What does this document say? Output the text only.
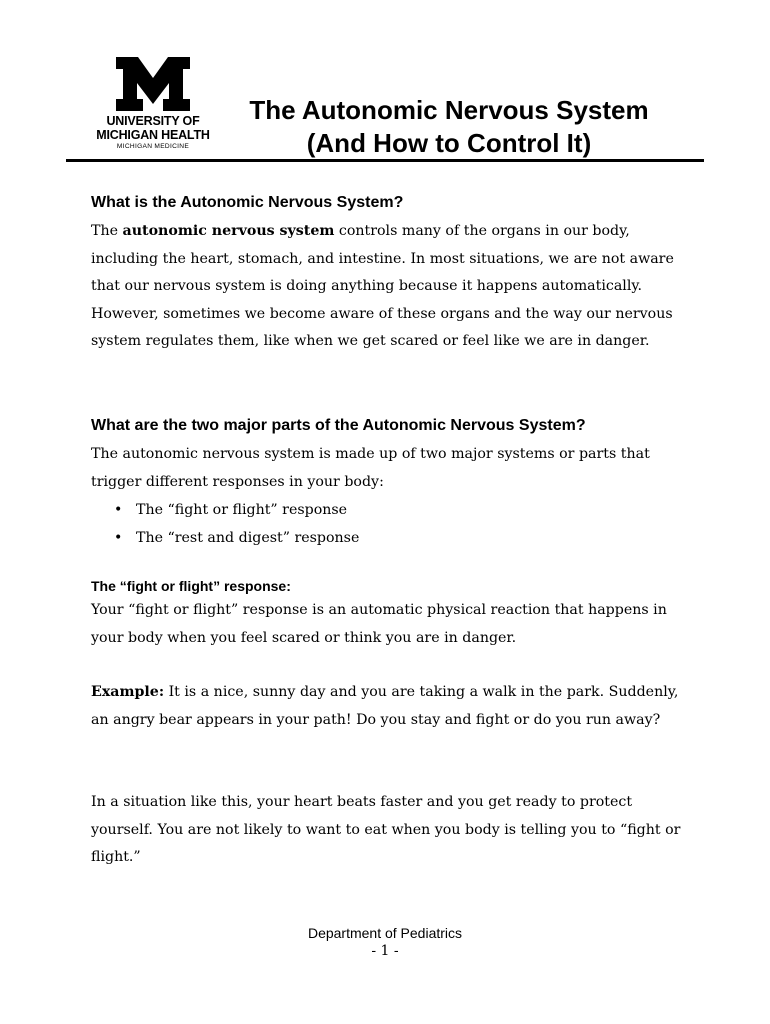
UNIVERSITY OF
MICHIGAN HEALTH
MICHIGAN MEDICINE
The Autonomic Nervous System
(And How to Control It)
What is the Autonomic Nervous System?

The autonomic nervous system controls many of the organs in our body, including the heart, stomach, and intestine. In most situations, we are not aware that our nervous system is doing anything because it happens automatically. However, sometimes we become aware of these organs and the way our nervous system regulates them, like when we get scared or feel like we are in danger.

What are the two major parts of the Autonomic Nervous System?

The autonomic nervous system is made up of two major systems or parts that trigger different responses in your body:

• The “fight or flight” response
• The “rest and digest” response
The “fight or flight” response:

Your “fight or flight” response is an automatic physical reaction that happens in your body when you feel scared or think you are in danger.

Example: It is a nice, sunny day and you are taking a walk in the park. Suddenly, an angry bear appears in your path! Do you stay and fight or do you run away?

In a situation like this, your heart beats faster and you get ready to protect yourself. You are not likely to want to eat when you body is telling you to “fight or flight.”

Department of Pediatrics
- 1 -
